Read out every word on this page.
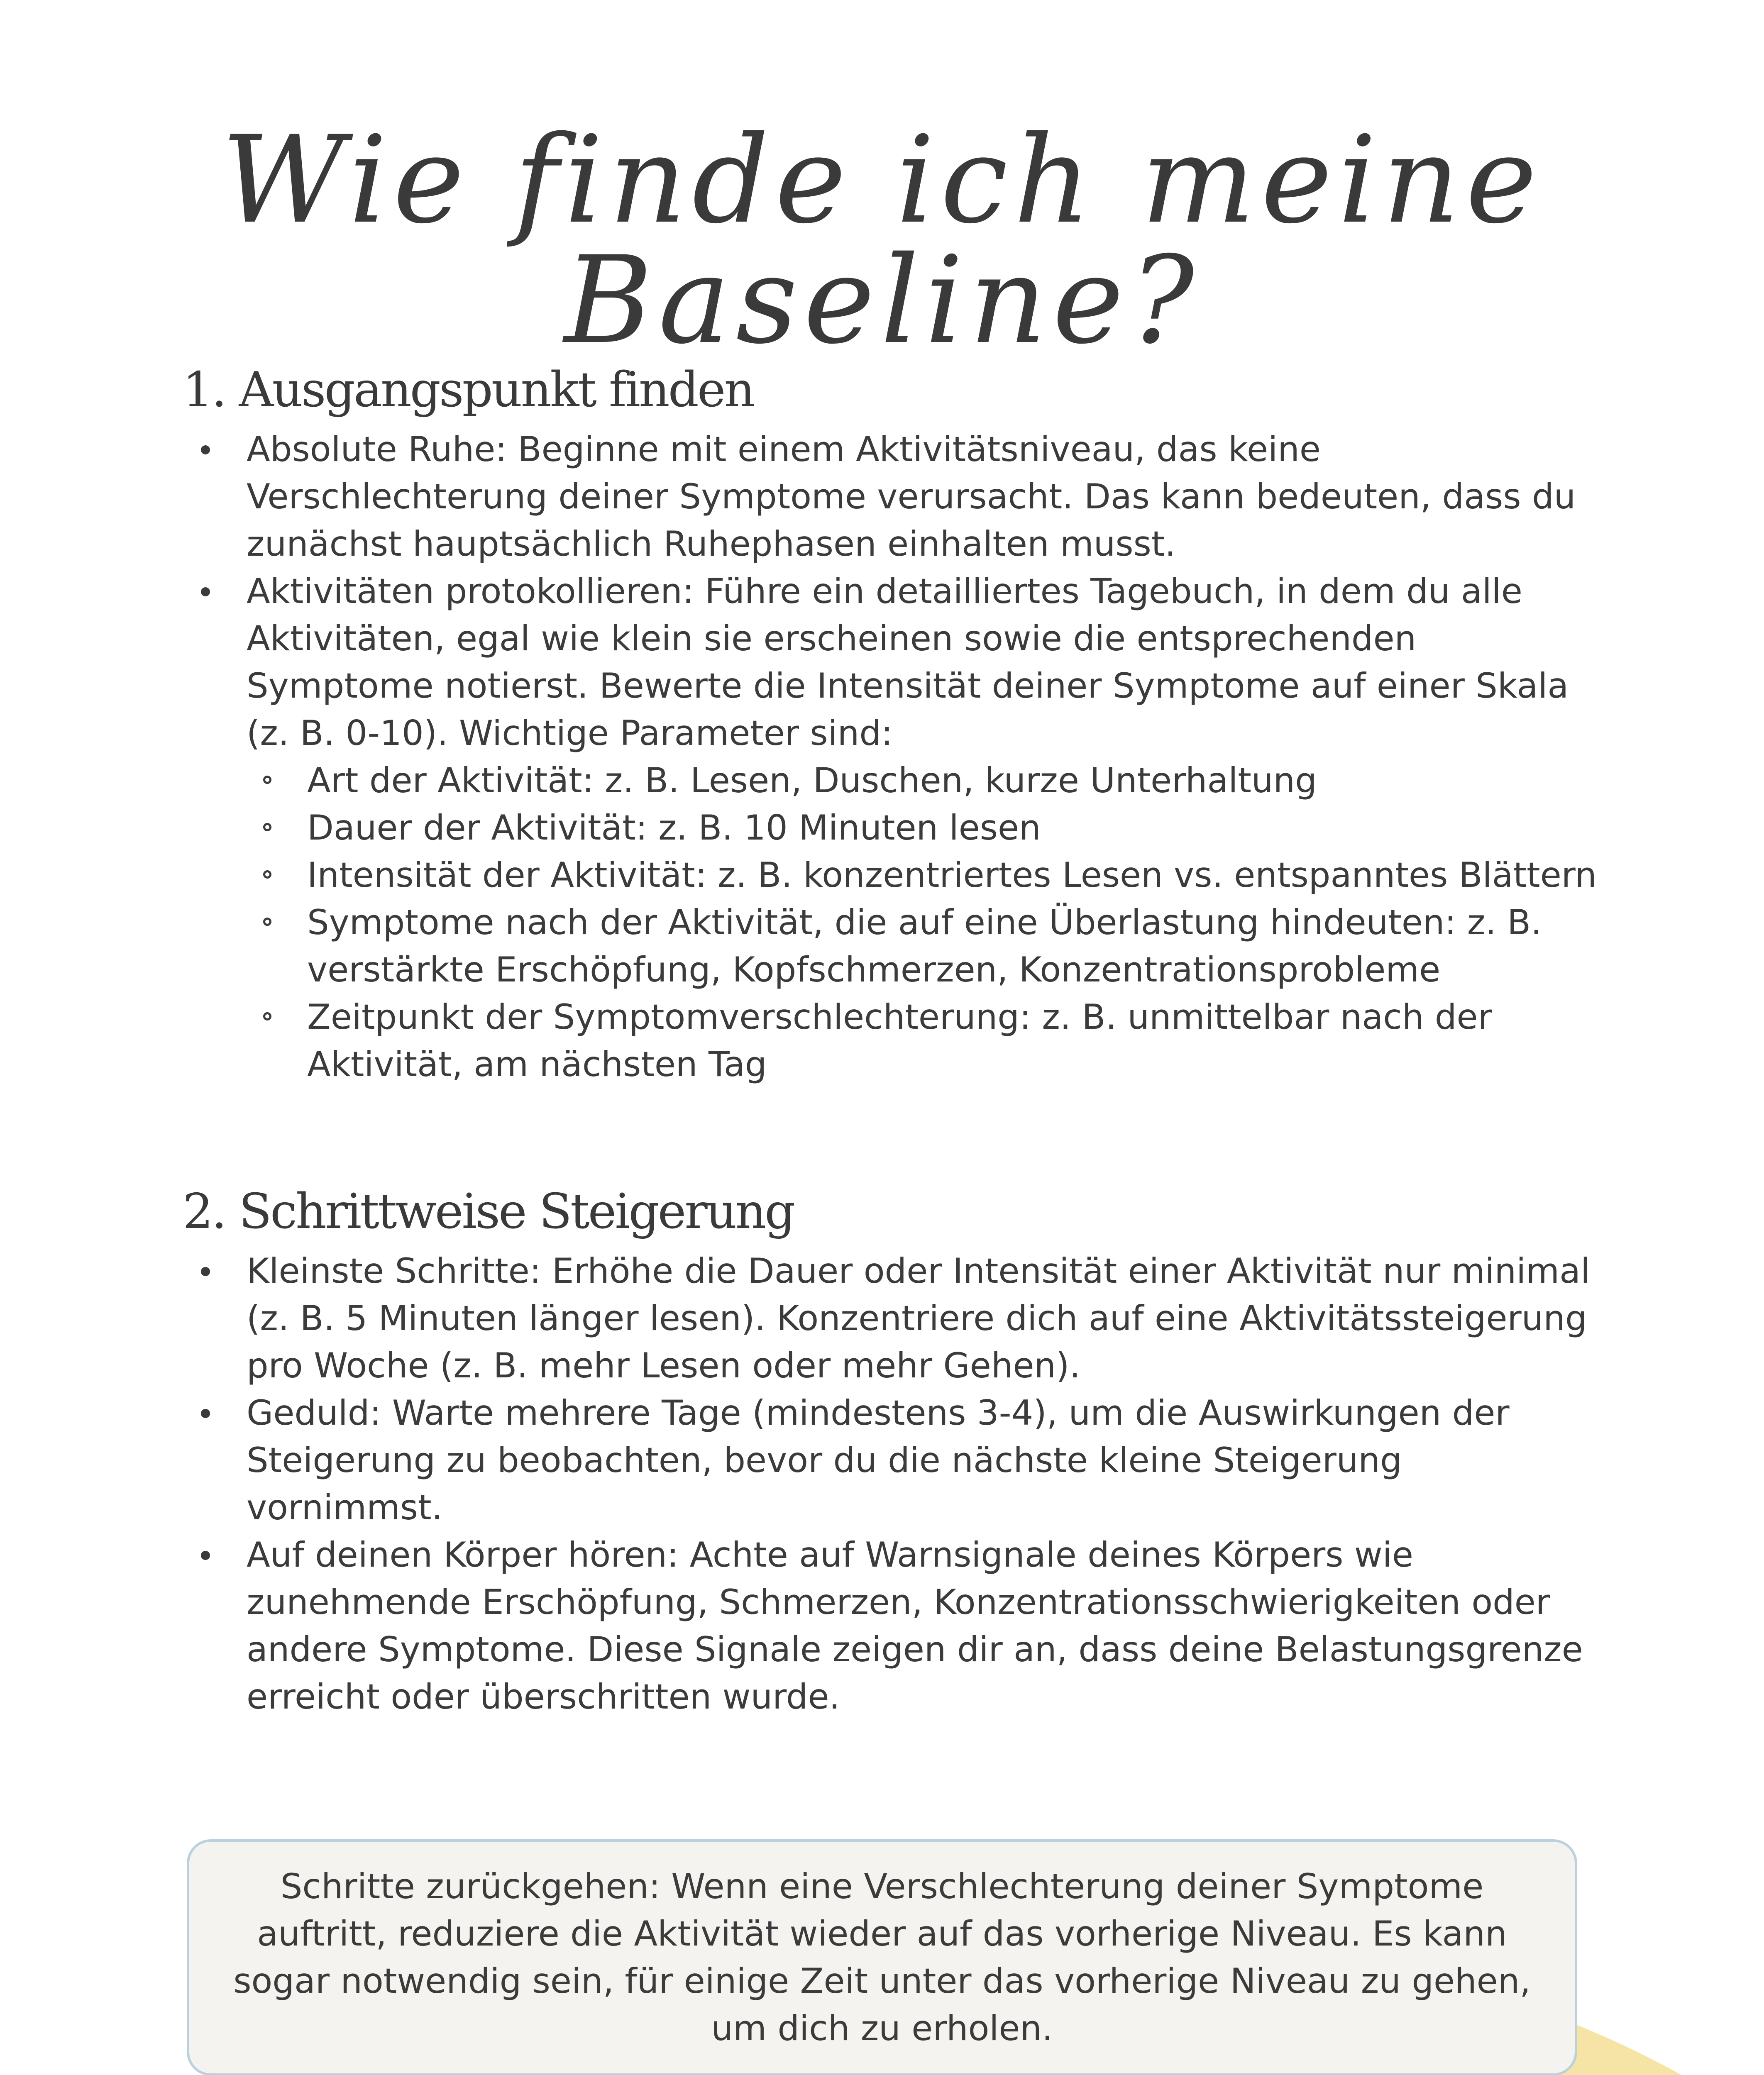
Wie finde ich meine Baseline?
1. Ausgangspunkt finden
Absolute Ruhe: Beginne mit einem Aktivitätsniveau, das keine Verschlechterung deiner Symptome verursacht. Das kann bedeuten, dass du zunächst hauptsächlich Ruhephasen einhalten musst.
Aktivitäten protokollieren: Führe ein detailliertes Tagebuch, in dem du alle Aktivitäten, egal wie klein sie erscheinen sowie die entsprechenden Symptome notierst. Bewerte die Intensität deiner Symptome auf einer Skala (z. B. 0-10). Wichtige Parameter sind:
Art der Aktivität: z. B. Lesen, Duschen, kurze Unterhaltung
Dauer der Aktivität: z. B. 10 Minuten lesen
Intensität der Aktivität: z. B. konzentriertes Lesen vs. entspanntes Blättern
Symptome nach der Aktivität, die auf eine Überlastung hindeuten: z. B. verstärkte Erschöpfung, Kopfschmerzen, Konzentrationsprobleme
Zeitpunkt der Symptomverschlechterung: z. B. unmittelbar nach der Aktivität, am nächsten Tag
2. Schrittweise Steigerung
Kleinste Schritte: Erhöhe die Dauer oder Intensität einer Aktivität nur minimal (z. B. 5 Minuten länger lesen). Konzentriere dich auf eine Aktivitätssteigerung pro Woche (z. B. mehr Lesen oder mehr Gehen).
Geduld: Warte mehrere Tage (mindestens 3-4), um die Auswirkungen der Steigerung zu beobachten, bevor du die nächste kleine Steigerung vornimmst.
Auf deinen Körper hören: Achte auf Warnsignale deines Körpers wie zunehmende Erschöpfung, Schmerzen, Konzentrationsschwierigkeiten oder andere Symptome. Diese Signale zeigen dir an, dass deine Belastungsgrenze erreicht oder überschritten wurde.
Schritte zurückgehen: Wenn eine Verschlechterung deiner Symptome auftritt, reduziere die Aktivität wieder auf das vorherige Niveau. Es kann sogar notwendig sein, für einige Zeit unter das vorherige Niveau zu gehen, um dich zu erholen.
